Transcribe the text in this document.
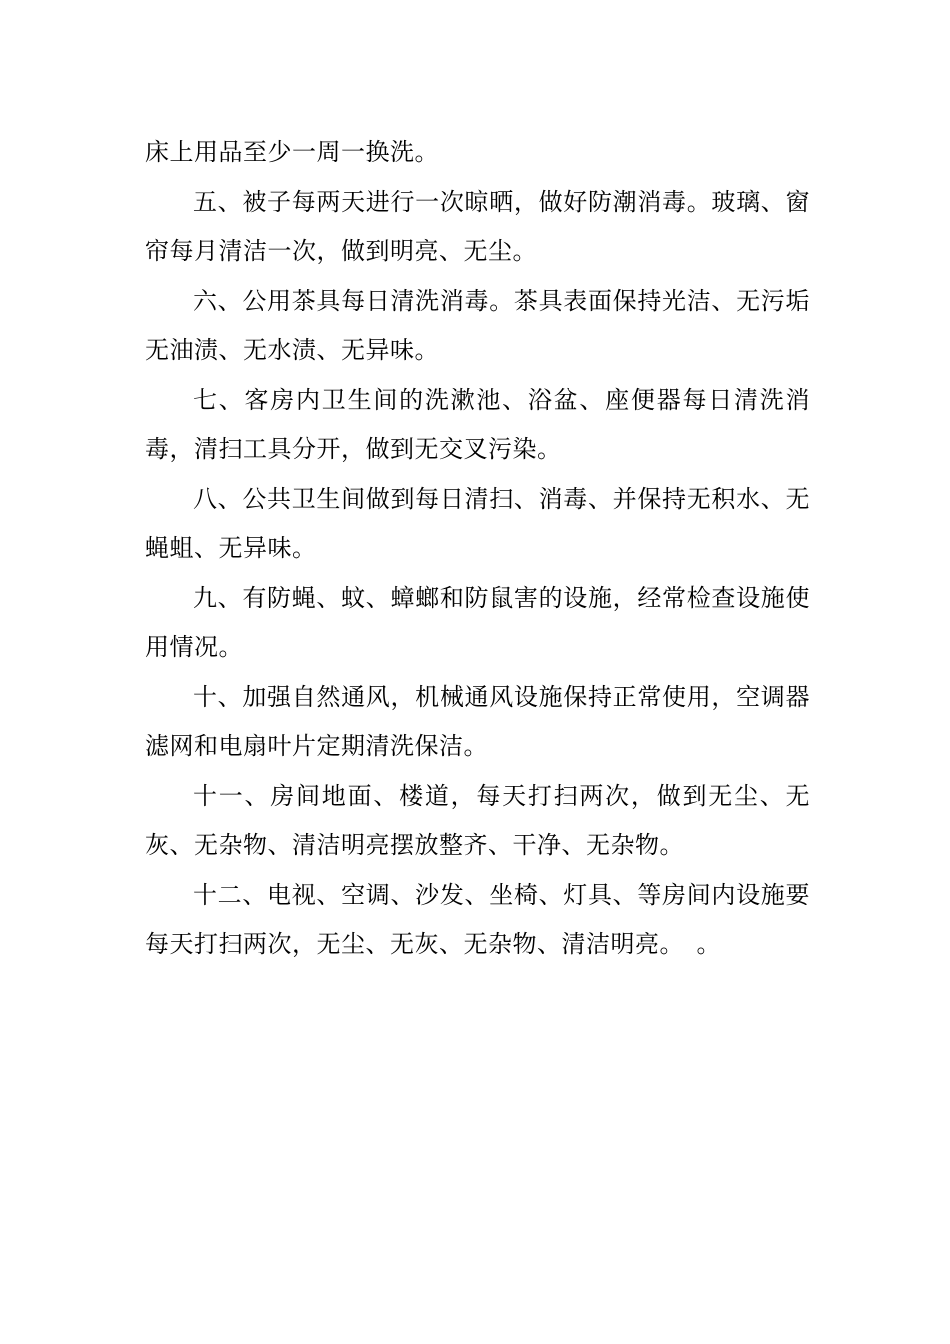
床上用品至少一周一换洗。

五、被子每两天进行一次晾晒，做好防潮消毒。玻璃、窗帘每月清洁一次，做到明亮、无尘。

六、公用茶具每日清洗消毒。茶具表面保持光洁、无污垢无油渍、无水渍、无异味。

七、客房内卫生间的洗漱池、浴盆、座便器每日清洗消毒，清扫工具分开，做到无交叉污染。

八、公共卫生间做到每日清扫、消毒、并保持无积水、无蝇蛆、无异味。

九、有防蝇、蚊、蟑螂和防鼠害的设施，经常检查设施使用情况。

十、加强自然通风，机械通风设施保持正常使用，空调器滤网和电扇叶片定期清洗保洁。

十一、房间地面、楼道，每天打扫两次，做到无尘、无灰、无杂物、清洁明亮摆放整齐、干净、无杂物。

十二、电视、空调、沙发、坐椅、灯具、等房间内设施要每天打扫两次，无尘、无灰、无杂物、清洁明亮。　。
